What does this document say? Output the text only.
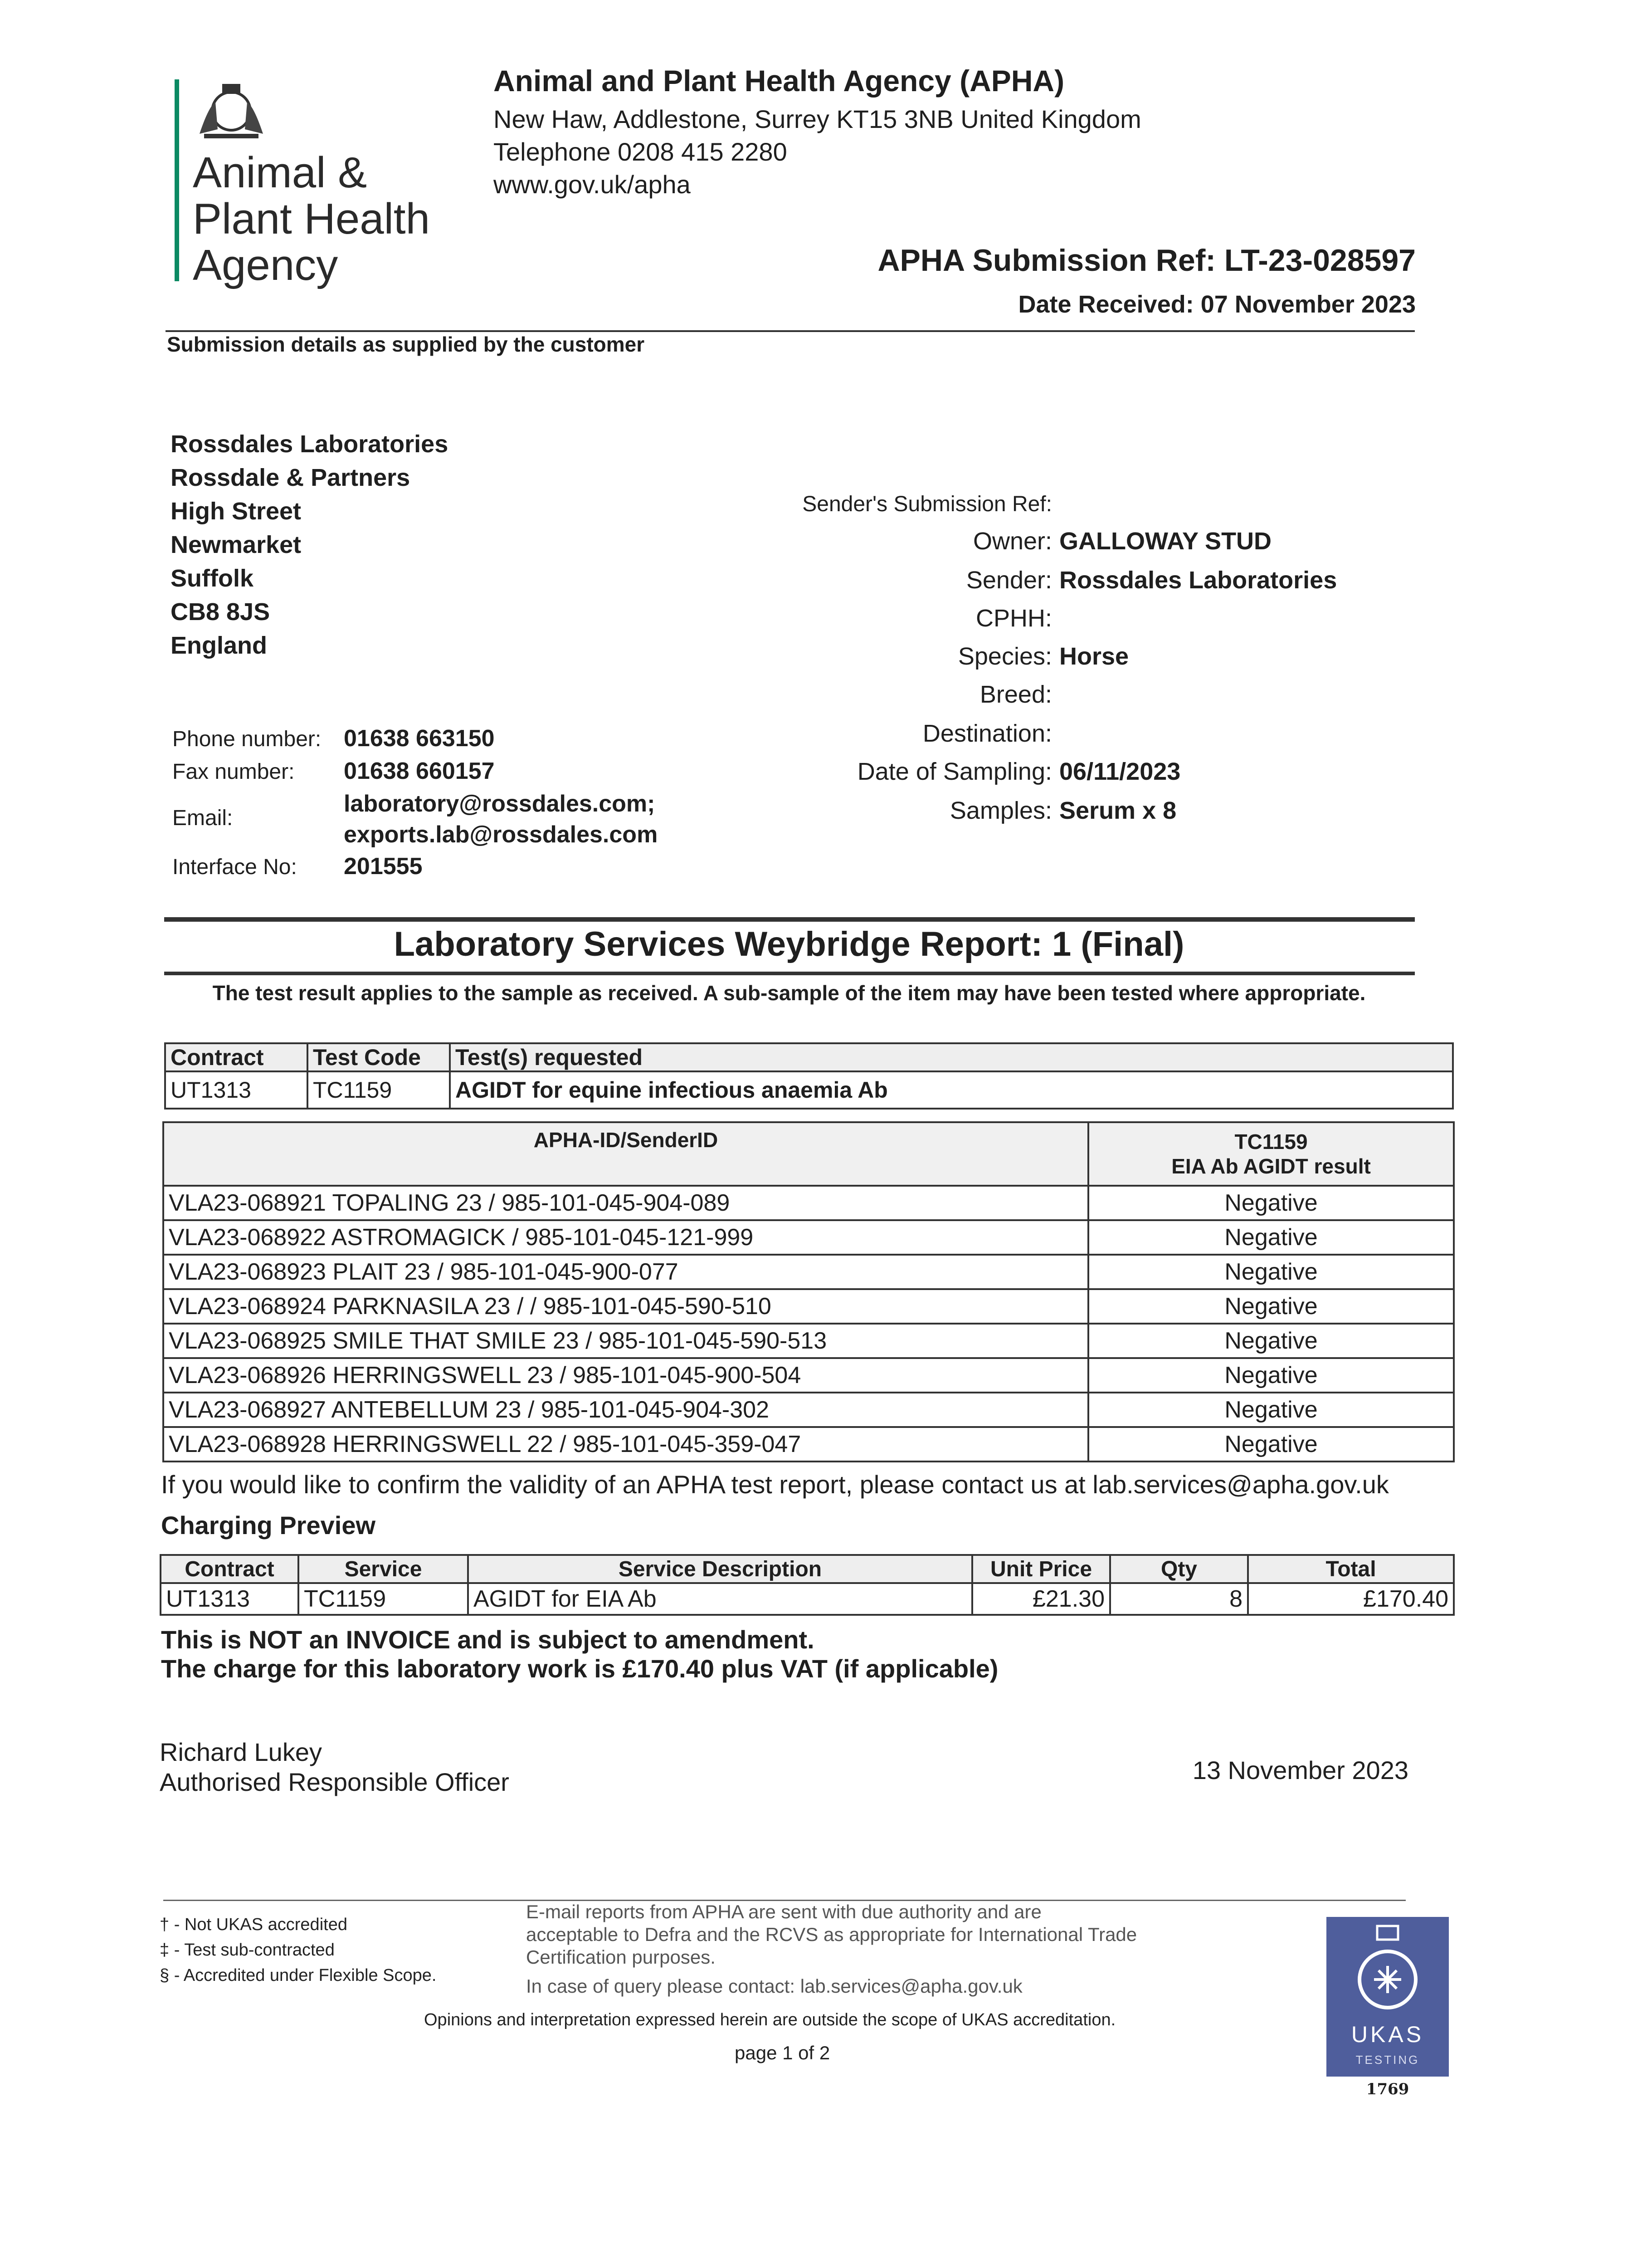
Animal &
Plant Health
Agency
Animal and Plant Health Agency (APHA)
New Haw, Addlestone, Surrey KT15 3NB United Kingdom
Telephone 0208 415 2280
www.gov.uk/apha
APHA Submission Ref: LT-23-028597
Date Received: 07 November 2023
Submission details as supplied by the customer
Rossdales Laboratories
Rossdale & Partners
High Street
Newmarket
Suffolk
CB8 8JS
England
Phone number: 01638 663150
Fax number: 01638 660157
Email:
laboratory@rossdales.com;
exports.lab@rossdales.com
Interface No: 201555
Sender's Submission Ref:
Owner: GALLOWAY STUD
Sender: Rossdales Laboratories
CPHH:
Species: Horse
Breed:
Destination:
Date of Sampling: 06/11/2023
Samples: Serum x 8
Laboratory Services Weybridge Report: 1 (Final)
The test result applies to the sample as received. A sub-sample of the item may have been tested where appropriate.
Contract	Test Code	Test(s) requested
UT1313	TC1159	AGIDT for equine infectious anaemia Ab
APHA-ID/SenderID	TC1159
EIA Ab AGIDT result

VLA23-068921 TOPALING 23 / 985-101-045-904-089	Negative
VLA23-068922 ASTROMAGICK / 985-101-045-121-999	Negative
VLA23-068923 PLAIT 23 / 985-101-045-900-077	Negative
VLA23-068924 PARKNASILA 23 / / 985-101-045-590-510	Negative
VLA23-068925 SMILE THAT SMILE 23 / 985-101-045-590-513	Negative
VLA23-068926 HERRINGSWELL 23 / 985-101-045-900-504	Negative
VLA23-068927 ANTEBELLUM 23 / 985-101-045-904-302	Negative
VLA23-068928 HERRINGSWELL 22 / 985-101-045-359-047	Negative
If you would like to confirm the validity of an APHA test report, please contact us at lab.services@apha.gov.uk
Charging Preview
Contract	Service	Service Description	Unit Price	Qty	Total
UT1313	TC1159	AGIDT for EIA Ab	£21.30	8	£170.40
This is NOT an INVOICE and is subject to amendment.
The charge for this laboratory work is £170.40 plus VAT (if applicable)
Richard Lukey
Authorised Responsible Officer	13 November 2023
† - Not UKAS accredited
‡ - Test sub-contracted
§ - Accredited under Flexible Scope.
E-mail reports from APHA are sent with due authority and are
acceptable to Defra and the RCVS as appropriate for International Trade
Certification purposes.
In case of query please contact: lab.services@apha.gov.uk
Opinions and interpretation expressed herein are outside the scope of UKAS accreditation.
page 1 of 2
UKAS
TESTING
1769
